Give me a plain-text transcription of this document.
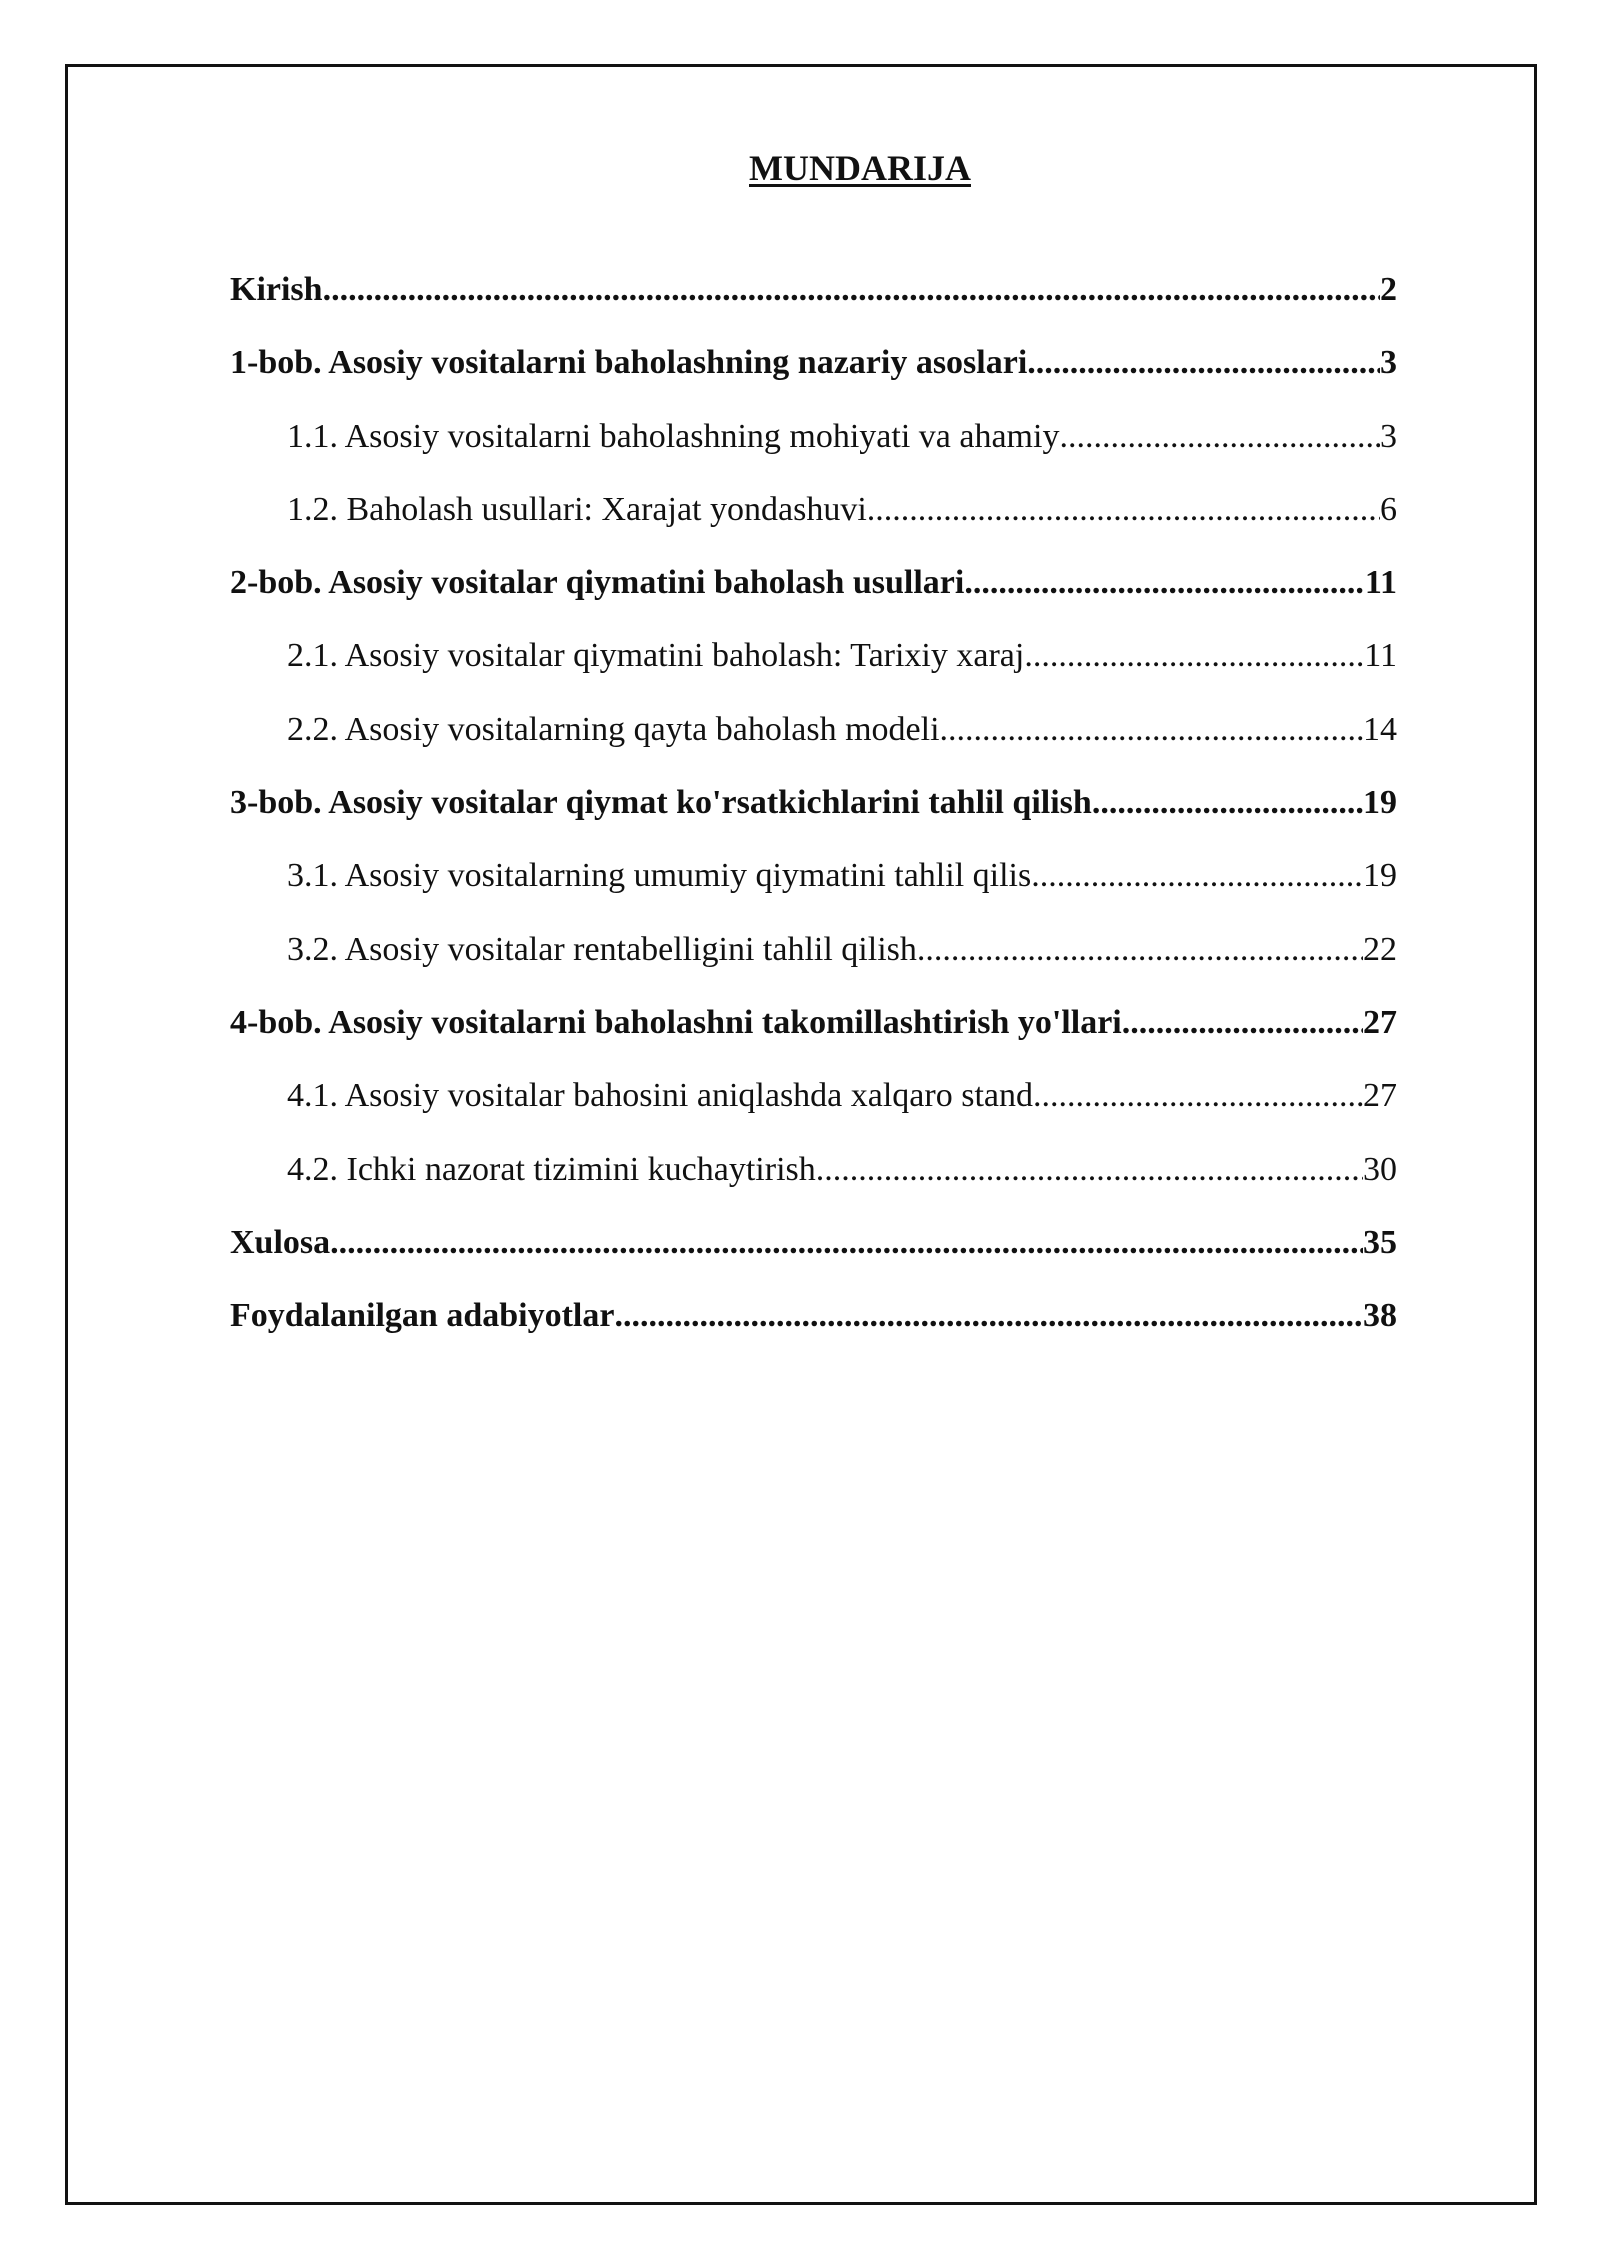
MUNDARIJA
Kirish .....	2
1-bob. Asosiy vositalarni baholashning nazariy asoslari .....	3
1.1. Asosiy vositalarni baholashning mohiyati va ahamiy .....	3
1.2. Baholash usullari: Xarajat yondashuvi .....	6
2-bob. Asosiy vositalar qiymatini baholash usullari .....	11
2.1. Asosiy vositalar qiymatini baholash: Tarixiy xaraj .....	11
2.2. Asosiy vositalarning qayta baholash modeli .....	14
3-bob. Asosiy vositalar qiymat ko'rsatkichlarini tahlil qilish .....	19
3.1. Asosiy vositalarning umumiy qiymatini tahlil qilis .....	19
3.2. Asosiy vositalar rentabelligini tahlil qilish .....	22
4-bob. Asosiy vositalarni baholashni takomillashtirish yo'llari .....	27
4.1. Asosiy vositalar bahosini aniqlashda xalqaro stand .....	27
4.2. Ichki nazorat tizimini kuchaytirish .....	30
Xulosa .....	35
Foydalanilgan adabiyotlar .....	38
